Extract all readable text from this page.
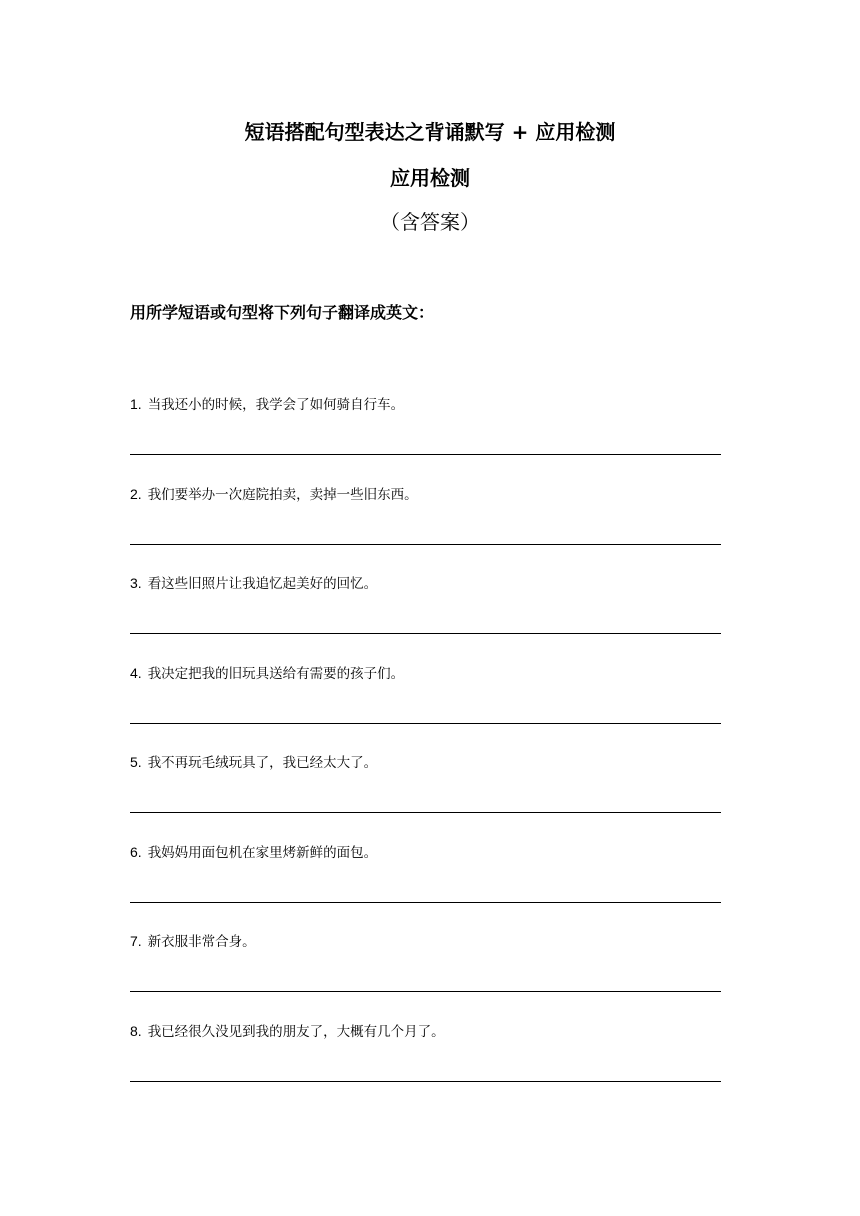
短语搭配句型表达之背诵默写 + 应用检测
应用检测
（含答案）

用所学短语或句型将下列句子翻译成英文：

1. 当我还小的时候，我学会了如何骑自行车。
2. 我们要举办一次庭院拍卖，卖掉一些旧东西。
3. 看这些旧照片让我追忆起美好的回忆。
4. 我决定把我的旧玩具送给有需要的孩子们。
5. 我不再玩毛绒玩具了，我已经太大了。
6. 我妈妈用面包机在家里烤新鲜的面包。
7. 新衣服非常合身。
8. 我已经很久没见到我的朋友了，大概有几个月了。
